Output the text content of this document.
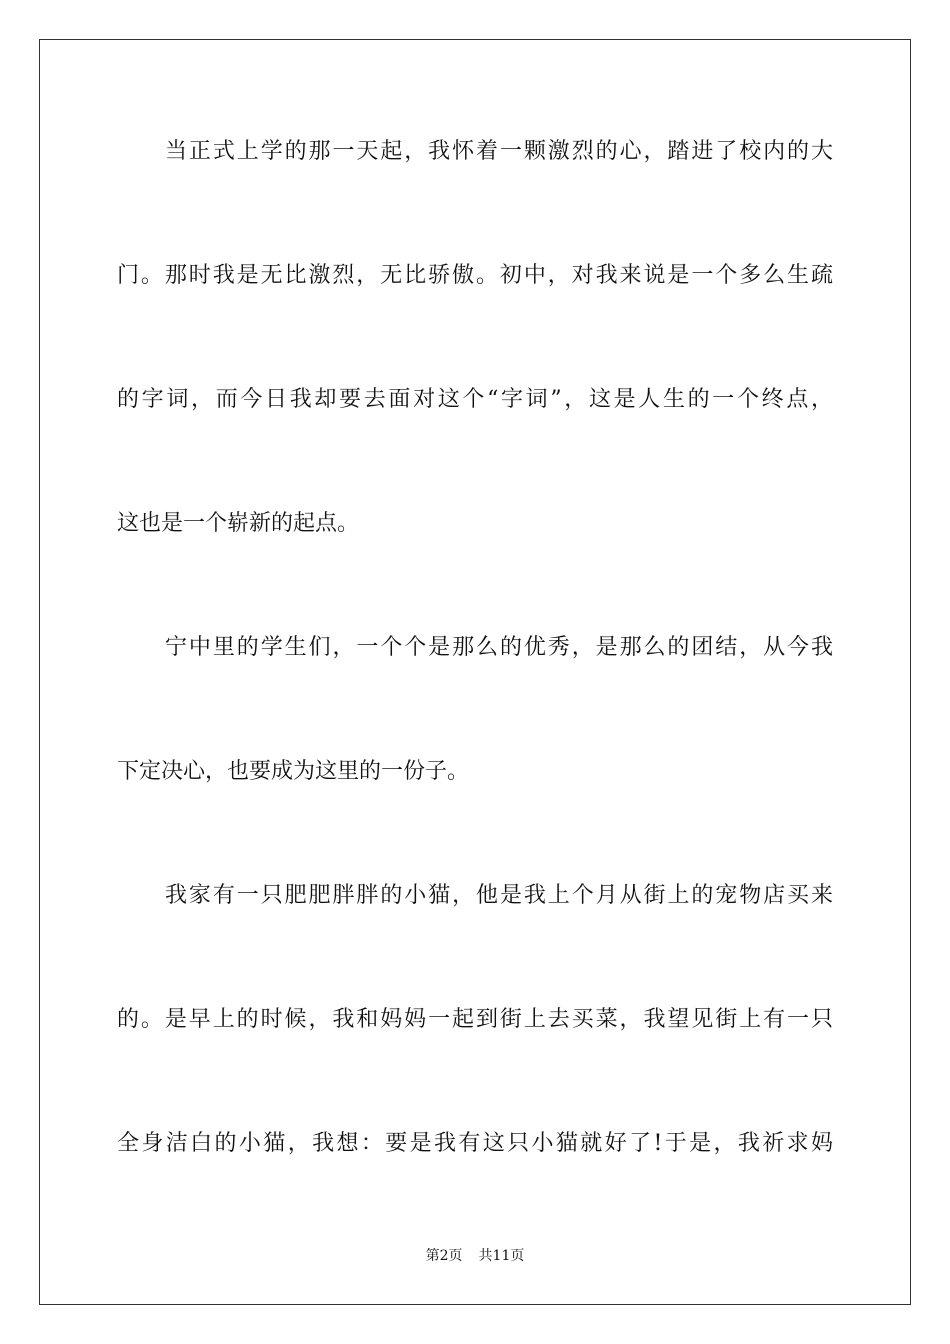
当正式上学的那一天起，我怀着一颗激烈的心，踏进了校内的大
门。那时我是无比激烈，无比骄傲。初中，对我来说是一个多么生疏
的字词，而今日我却要去面对这个“字词”，这是人生的一个终点，
这也是一个崭新的起点。
宁中里的学生们，一个个是那么的优秀，是那么的团结，从今我
下定决心，也要成为这里的一份子。
我家有一只肥肥胖胖的小猫，他是我上个月从街上的宠物店买来
的。是早上的时候，我和妈妈一起到街上去买菜，我望见街上有一只
全身洁白的小猫，我想：要是我有这只小猫就好了!于是，我祈求妈
第2页 共11页
